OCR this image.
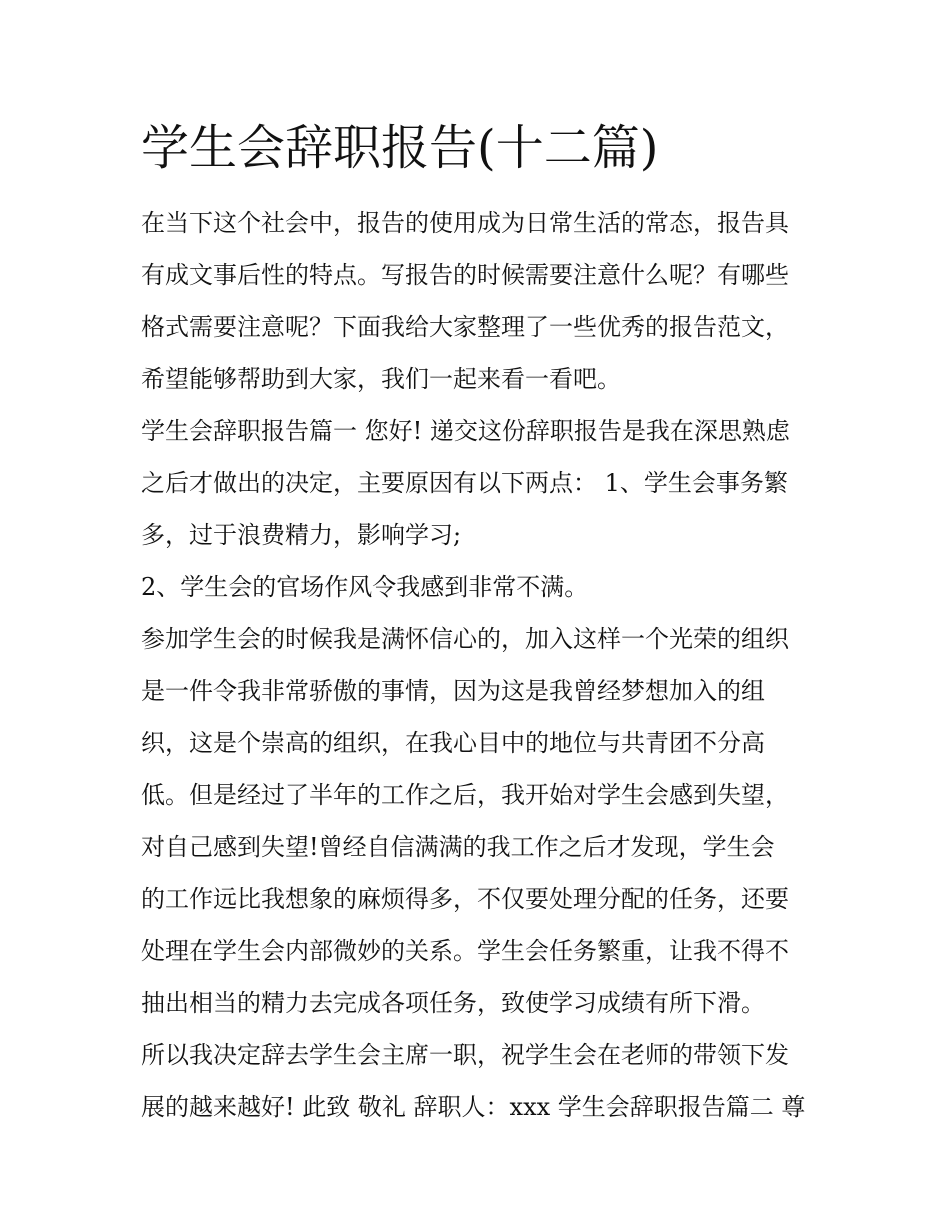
学生会辞职报告(十二篇)

在当下这个社会中，报告的使用成为日常生活的常态，报告具

有成文事后性的特点。写报告的时候需要注意什么呢？有哪些

格式需要注意呢？下面我给大家整理了一些优秀的报告范文，

希望能够帮助到大家，我们一起来看一看吧。

学生会辞职报告篇一 您好! 递交这份辞职报告是我在深思熟虑

之后才做出的决定，主要原因有以下两点： 1、学生会事务繁

多，过于浪费精力，影响学习;

2、学生会的官场作风令我感到非常不满。

参加学生会的时候我是满怀信心的，加入这样一个光荣的组织

是一件令我非常骄傲的事情，因为这是我曾经梦想加入的组

织，这是个崇高的组织，在我心目中的地位与共青团不分高

低。但是经过了半年的工作之后，我开始对学生会感到失望，

对自己感到失望!曾经自信满满的我工作之后才发现，学生会

的工作远比我想象的麻烦得多，不仅要处理分配的任务，还要

处理在学生会内部微妙的关系。学生会任务繁重，让我不得不

抽出相当的精力去完成各项任务，致使学习成绩有所下滑。

所以我决定辞去学生会主席一职，祝学生会在老师的带领下发

展的越来越好! 此致 敬礼 辞职人：xxx 学生会辞职报告篇二 尊
